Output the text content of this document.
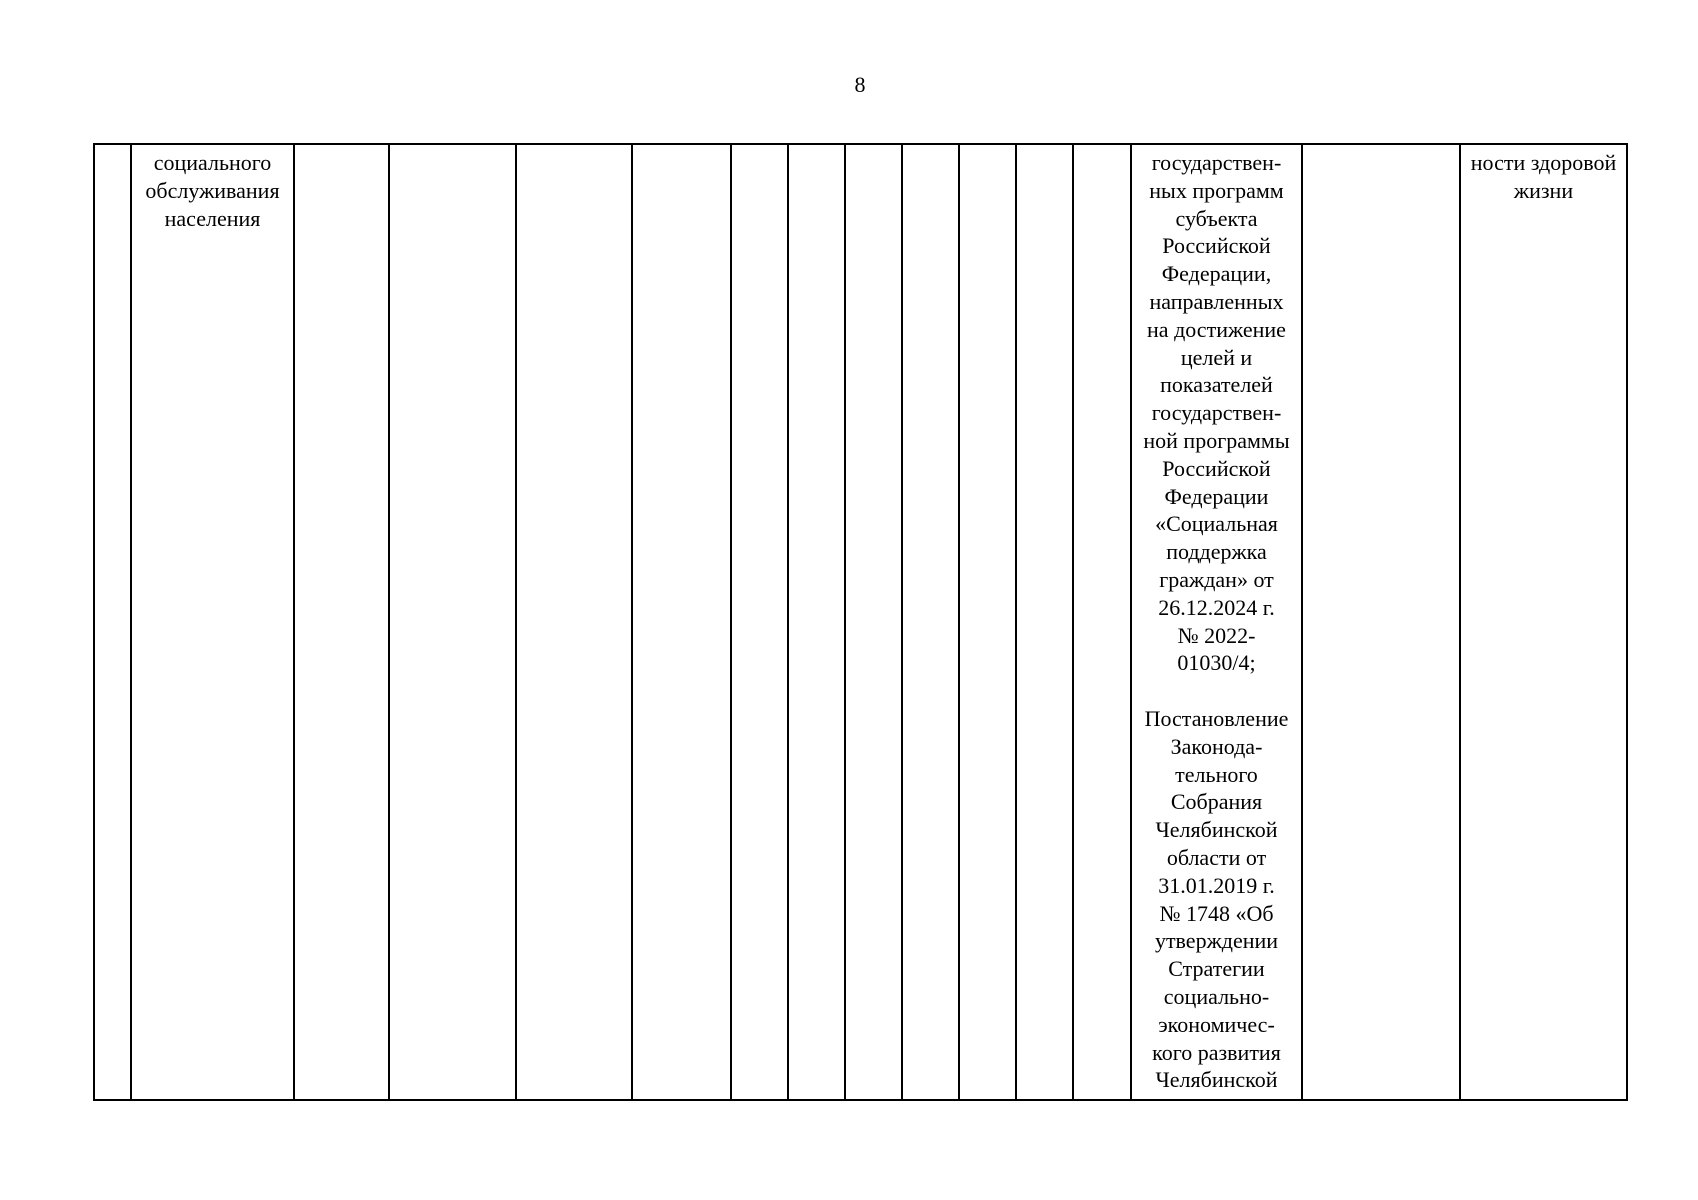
8
	социального
обслуживания
населения												государствен-
ных программ
субъекта
Российской
Федерации,
направленных
на достижение
целей и
показателей
государствен-
ной программы
Российской
Федерации
«Социальная
поддержка
граждан» от
26.12.2024 г.
№ 2022-
01030/4;

Постановление
Законода-
тельного
Собрания
Челябинской
области от
31.01.2019 г.
№ 1748 «Об
утверждении
Стратегии
социально-
экономичес-
кого развития
Челябинской		ности здоровой
жизни
